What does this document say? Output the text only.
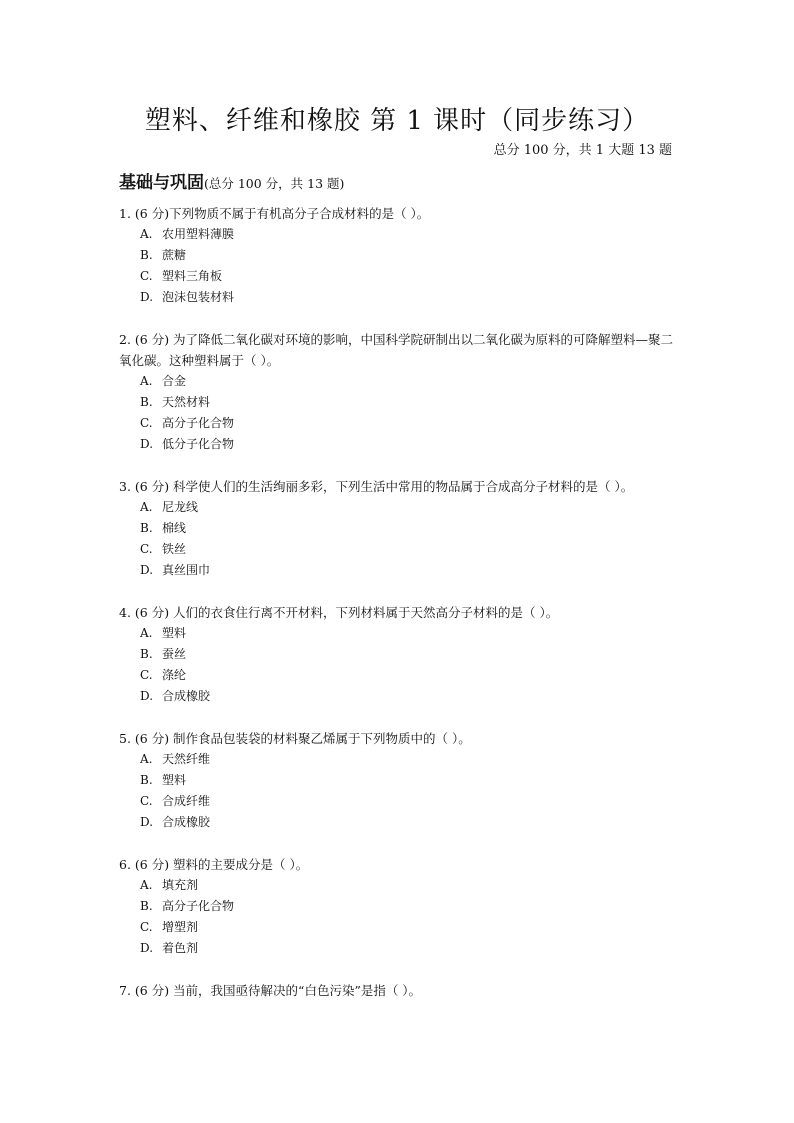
塑料、纤维和橡胶 第 1 课时（同步练习）
总分 100 分，共 1 大题 13 题
基础与巩固(总分 100 分，共 13 题)
1. (6 分)下列物质不属于有机高分子合成材料的是（ ）。
A. 农用塑料薄膜
B. 蔗糖
C. 塑料三角板
D. 泡沫包装材料
2. (6 分) 为了降低二氧化碳对环境的影响，中国科学院研制出以二氧化碳为原料的可降解塑料—聚二氧化碳。这种塑料属于（ ）。
A. 合金
B. 天然材料
C. 高分子化合物
D. 低分子化合物
3. (6 分) 科学使人们的生活绚丽多彩，下列生活中常用的物品属于合成高分子材料的是（ ）。
A. 尼龙线
B. 棉线
C. 铁丝
D. 真丝围巾
4. (6 分) 人们的衣食住行离不开材料，下列材料属于天然高分子材料的是（ ）。
A. 塑料
B. 蚕丝
C. 涤纶
D. 合成橡胶
5. (6 分) 制作食品包装袋的材料聚乙烯属于下列物质中的（ ）。
A. 天然纤维
B. 塑料
C. 合成纤维
D. 合成橡胶
6. (6 分) 塑料的主要成分是（ ）。
A. 填充剂
B. 高分子化合物
C. 增塑剂
D. 着色剂
7. (6 分) 当前，我国亟待解决的“白色污染”是指（ ）。
